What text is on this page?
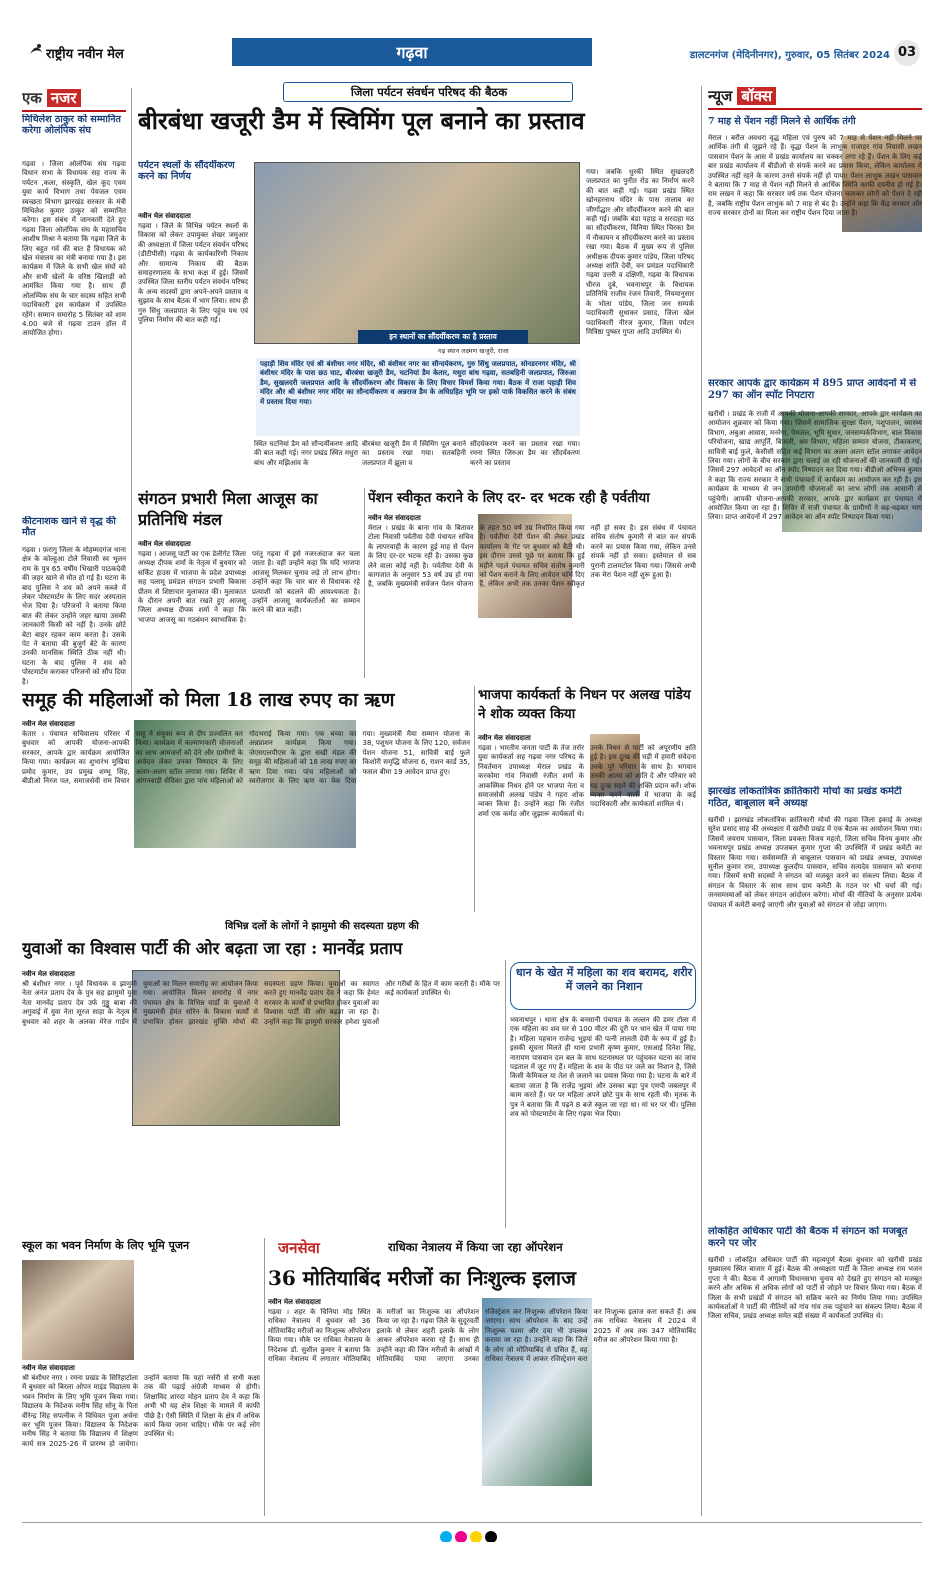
राष्ट्रीय नवीन मेल	गढ़वा	डालटनगंज (मेदिनीनगर), गुरुवार, 05 सितंबर 2024 03
एक नजर
मिथिलेश ठाकुर को सम्मानित करेगा ओलंपिक संघ
गढ़वा । जिला ओलंपिक संघ गढ़वा विधान सभा के विधायक सह राज्य के पर्यटन ,कला, संस्कृति, खेल कूद एवम युवा कार्य विभाग तथा पेयजल एवम स्वच्छता विभाग झारखंड सरकार के मंत्री मिथिलेश कुमार ठाकुर को सम्मानित करेगा। इस संबंध में जानकारी देते हुए गढ़वा जिला ओलंपिक संघ के महासचिव आशीष मिश्रा ने बताया कि गढ़वा जिले के लिए बहुत गर्व की बात है विधायक को खेल मंत्रालय का मंत्री बनाया गया है। इस कार्यक्रम में जिले के सभी खेल संघों को और सभी खेलों के वरिष्ठ खिलाड़ी को आमंत्रित किया गया है। साथ ही ओलम्पिक संघ के चार सदस्य सहित सभी पदाधिकारी इस कार्यक्रम में उपस्थित रहेंगे। सम्मान समारोह 5 सितंबर को शाम 4.00 बजे से गढ़वा टाउन हॉल में आयोजित होगा।
कीटनाशक खाने से वृद्ध की मौत
गढ़वा । फ़रागु जिला के मोहम्मदगंज थाना क्षेत्र के कोल्हुआ टोले निवासी स्व भूलन राम के पुत्र 65 वर्षीय भिखारी पाठकदेवी की जहर खाने से मौत हो गई है। घटना के बाद पुलिस ने शव को अपने कब्जे में लेकर पोस्टमार्टम के लिए सदर अस्पताल भेज दिया है। परिजनों ने बताया किया बात की लेकर उन्होंने जहर खाया उसकी जानकारी किसी को नहीं है। उनके छोटे बेटा बाहर रहकर काम करता है। उसके पेट ने बताया की बुजुर्ग बेटे के कारण उनकी मानसिक स्थिति ठीक नहीं थी। घटना के बाद पुलिस ने शव को पोस्टमार्टम कराकर परिजनों को सौंप दिया है।
जिला पर्यटन संवर्धन परिषद की बैठक
बीरबंधा खजूरी डैम में स्विमिंग पूल बनाने का प्रस्ताव
पर्यटन स्थलों के सौंदर्यीकरण करने का निर्णय
नवीन मेल संवाददाता
गढ़वा । जिले के विभिन्न पर्यटन स्थलों के विकास को लेकर उपायुक्त शेखर जमुआर की अध्यक्षता में जिला पर्यटन संवर्धन परिषद (डीटीपीसी) गढ़वा के कार्यकारिणी निकाय और सामान्य निकाय की बैठक समाहरणालय के सभा कक्ष में हुई। जिसमें उपस्थित जिला स्तरीय पर्यटन संवर्धन परिषद के अन्य सदस्यों द्वारा अपने-अपने प्रस्ताव व सुझाव के साथ बैठक में भाग लिया। साथ ही गुरु सिंधु जलप्रपात के लिए पहुंच पथ एवं पुलिया निर्माण की बात कही गई।
इन स्थानों का सौंदर्यीकरण का है प्रस्ताव
गढ़ स्थान लक्ष्मण खजूरी, राजा
पहाड़ी शिव मंदिर एवं श्री बंशीधर नगर मंदिर, श्री बंशीधर नगर का सौन्दर्यकरण, गुरु सिंधु जलप्रपात, सोनडरनगर मंदिर, श्री बंशीधर मंदिर के पास छठ घाट, बीरबंधा खजूरी डैम, चटनियां डैम केतार, मधुरा बांध गढ़वा, सतबहिनी जलप्रपात, जिरुआ डैम, सुखलदरी जलप्रपात आदि के सौंदर्यीकरण और विकास के लिए विचार विमर्श किया गया। बैठक में राजा पहाड़ी शिव मंदिर और श्री बंशीधर नगर मंदिर का सौन्दर्यीकरण व अन्नराज डैम के अधिग्रहित भूमि पर इको पार्क विकसित करने के संबंध में प्रस्ताव दिया गया।
स्थित चटनियां डैम को सौन्दर्यीकरण आदि की बात कही गई। नगर प्रखंड स्थित मधुरा बांध और मझिआंव के
बीरबंधा खजूरी डैम में स्विमिंग पूल बनाने का प्रस्ताव रखा गया। सतबहिनी जलप्रपात में झूला व
सौंदर्यकरण करने का प्रस्ताव रखा गया। रमना स्थित जिरुआ डैम का सौंदर्यकरण करने का प्रस्ताव
गया। जबकि धुरकी स्थित सुखलदरी जलप्रपात का पुनीत रोड का निर्माण करने की बात कही गई। गढ़वा प्रखंड स्थित खोनहरनाथ मंदिर के पास तालाब का जीर्णोद्धार और सौंदर्यीकरण करने की बात कही गई। जबकि बंडा पहाड़ व सरदाहा मठ का सौंदर्यीकरण, चिनिया स्थित चिरका डैम में नौकायन व सौंदर्यीकरण करने का प्रस्ताव रखा गया। बैठक में मुख्य रूप से पुलिस अधीक्षक दीपक कुमार पांडेय, जिला परिषद अध्यक्ष शांति देवी, वन प्रमंडल पदाधिकारी गढ़वा उत्तरी व दक्षिणी, गढ़वा के विधायक धीरज दुबे, भवनाथपुर के विधायक प्रतिनिधि राजीव रंजन तिवारी, नियमानुसार के भोला पांडेय, जिला जन सम्पर्क पदाधिकारी सुधाकर प्रसाद, जिला खेल पदाधिकारी नीरज कुमार, जिला पर्यटन मित्रिष्ठा पुष्कर गुप्ता आदि उपस्थित थे।
न्यूज बॉक्स
7 माह से पेंशन नहीं मिलने से आर्थिक तंगी
मेराल । बरौल अवधरा वृद्ध महिला एवं पुरुष को 7 माह से पेंशन नहीं मिलने पर आर्थिक तंगी से जूझने रहे हैं। वृद्धा पेंशन के लाभुक राजाहर गांव निवासी लखन पासवान पेंशन के आस में प्रखंड कार्यालय का चक्कर लगा रहे हैं। पेंशन के लिए कई बार प्रखंड कार्यालय में बीडीओ से संपर्क करने का प्रयास किया, लेकिन कार्यालय में उपस्थित नहीं रहने के कारण उनसे संपर्क नहीं हो पाया। पेंशन लाभुक लखन पासवान ने बताया कि 7 माह से पेंशन नहीं मिलने से आर्थिक स्थिति काफी दयनीय हो गई है। राम लखन ने कहा कि सरकार वर्ष तक पेंशन योजना चलाकर लोगों को पेंशन दे रही है, जबकि राष्ट्रीय पेंशन लाभुक को 7 माह से बंद है। उन्होंने कहा कि केंद्र सरकार और राज्य सरकार दोनों का मिला कर राष्ट्रीय पेंशन दिया जाता है।
सरकार आपके द्वार कार्यक्रम में 895 प्राप्त आवेदनों में से 297 का ऑन स्पॉट निपटारा
खरौंधी । प्रखंड के राजी में आपकी योजना-आपकी सरकार, आपके द्वार कार्यक्रम का आयोजन शुक्रवार को किया गया। जिसमें सामाजिक सुरक्षा पेंशन, पशुपालन, स्वास्थ्य विभाग, अबुआ आवास, मनरेगा, पेयजल, भूमि सुधार, जनसम्पर्कविभाग, बाल विकास परियोजना, खाद्य आपूर्ति, बिजली, श्रम विभाग, महिला सम्मान योजना, टीकाकरण, सावित्री बाई फुले, केसीसी सहित कई विभाग का अलग अलग स्टॉल लगाकर आवेदन लिया गया। लोगों के बीच सरकार द्वारा चलाई जा रही योजनाओं की जानकारी दी गई। जिसमें 297 आवेदनों का ऑन स्पॉट निष्पादन कर दिया गया। बीडीओ अभिनव कुमार ने कहा कि राज्य सरकार ने सभी पंचायतों में कार्यक्रम का आयोजन कर रही है। इस कार्यक्रम के माध्यम से जन उपयोगी योजनाओं का लाभ लोगों तक आसानी से पहुंचेगी। आपकी योजना-आपकी सरकार, आपके द्वार कार्यक्रम हर पंचायत में आयोजित किया जा रहा है। शिविर में राजी पंचायत के ग्रामीणों ने बढ़-चढ़कर भाग लिया। प्राप्त आवेदनों में 297 आवेदन का ऑन स्पॉट निष्पादन किया गया।
झारखंड लोकतांत्रिक क्रांतिकारी मोर्चा का प्रखंड कमेटी गठित, बाबूलाल बने अध्यक्ष
खरौंधी । झारखंड लोकतांत्रिक क्रांतिकारी मोर्चा की गढ़वा जिला इकाई के अध्यक्ष सुरेश प्रसाद साह की अध्यक्षता में खरौंधी प्रखंड में एक बैठक का आयोजन किया गया। जिसमें जयराम पासवान, जिला प्रवक्ता विजय महतो, जिला सचिव विनय कुमार और भवनाथपुर प्रखंड अध्यक्ष उपजबल कुमार गुप्ता की उपस्थिति में प्रखंड कमेटी का विस्तार किया गया। सर्वसम्मति से बाबूलाल पासवान को प्रखंड अध्यक्ष, उपाध्यक्ष सुनील कुमार राम, उपाध्यक्ष कुलदीप पासवान, सचिव सत्यदेव पासवान को बनाया गया। जिसमें सभी सदस्यों ने संगठन को मजबूत करने का संकल्प लिया। बैठक में संगठन के विस्तार के साथ साथ ग्राम कमेटी के गठन पर भी चर्चा की गई। जनसमस्याओं को लेकर संगठन आंदोलन करेगा। मोर्चा की नीतियों के अनुसार प्रत्येक पंचायत में कमेटी बनाई जाएगी और युवाओं को संगठन से जोड़ा जाएगा।
लोकहित अधिकार पार्टी की बैठक में संगठन को मजबूत करने पर जोर
खरौंधी । लोकहित अधिकार पार्टी की महत्वपूर्ण बैठक बुधवार को खरौंधी प्रखंड मुख्यालय स्थित बाजार में हुई। बैठक की अध्यक्षता पार्टी के जिला अध्यक्ष राम भजन गुप्ता ने की। बैठक में आगामी विधानसभा चुनाव को देखते हुए संगठन को मजबूत करने और अधिक से अधिक लोगों को पार्टी से जोड़ने पर विचार किया गया। बैठक में जिला के सभी प्रखंडों में संगठन को सक्रिय करने का निर्णय लिया गया। उपस्थित कार्यकर्ताओं ने पार्टी की नीतियों को गांव गांव तक पहुंचाने का संकल्प लिया। बैठक में जिला सचिव, प्रखंड अध्यक्ष समेत बड़ी संख्या में कार्यकर्ता उपस्थित थे।
संगठन प्रभारी मिला आजूस का प्रतिनिधि मंडल
नवीन मेल संवाददाता
गढ़वा । आजसू पार्टी का एक डेलीगेट जिला अध्यक्ष दीपक शर्मा के नेतृत्व में बुधवार को सर्किट हाउस में भाजपा के प्रदेश उपाध्यक्ष सह पलामू प्रमंडल संगठन प्रभारी बिकास प्रीतम से शिष्टाचार मुलाकात की। मुलाकात के दौरान अपनी बात रखते हुए आजसू जिला अध्यक्ष दीपक शर्मा ने कहा कि भाजपा आजसू का गठबंधन स्वाभाविक है। परंतु गढ़वा में इसे नजरअंदाज कर चला जाता है। वहीं उन्होंने कहा कि यदि भाजपा आजसू मिलकर चुनाव लड़े तो लाभ होगा। उन्होंने कहा कि चार बार से विधायक रहे प्रत्याशी को बदलने की आवश्यकता है। उन्होंने आजसू कार्यकर्ताओं का सम्मान करने की बात कही।
पेंशन स्वीकृत कराने के लिए दर- दर भटक रही है पर्वतीया
नवीन मेल संवाददाता
मेराल । प्रखंड के बाना गांव के बितावर टोला निवासी पर्वतीया देवी पंचायत सचिव के लापरवाही के कारण हुई माह से पेंशन के लिए दर-दर भटक रही है। उसका कुछ लेने वाला कोई नहीं है। पर्वतीया देवी के कागजात के अनुसार 53 वर्ष उम्र हो गया है, जबकि मुख्यमंत्री सर्वजन पेंशन योजना के तहत 50 वर्ष उम्र निर्धारित किया गया है। पर्वतीया देवी पेंशन की लेकर प्रखंड कार्यालय के गेट पर बुधवार को बैठी थी। इस दौरान उससे पूछे पर बताया कि हुई महीने पहले पंचायत सचिव संतोष कुमारी को पेंशन कराने के लिए आवेदन फॉर्म दिए हैं, लेकिन अभी तक उनका पेंशन स्वीकृत नहीं हो सका है। इस संबंध में पंचायत सचिव संतोष कुमारी से बात कर संपर्क करने का प्रयास किया गया, लेकिन उनसे संपर्क नहीं हो सका। इस्तेमाल से सब पुरानी टालमटोल किया गया। जिससे अभी तक मेरा पेंशन नहीं शुरू हुआ है।
समूह की महिलाओं को मिला 18 लाख रुपए का ऋण
नवीन मेल संवाददाता
केतार । पंचायत सचिवालय परिसर में बुधवार को आपकी योजना-आपकी सरकार, आपके द्वार कार्यक्रम आयोजित किया गया। कार्यक्रम का शुभारंभ मुखिया प्रमोद कुमार, उप प्रमुख शम्भू सिंह, बीडीओ निरज पल, समाजसेवी राम विचार साहू ने संयुक्त रूप से दीप प्रज्वलित कर किया। कार्यक्रम में कल्याणकारी योजनाओं का लाभ आमजनों को देने और ग्रामीणों के आवेदन लेकर उनका निष्पादन के लिए अलग-अलग स्टॉल लगाया गया। शिविर में आंगनबाड़ी सेविका द्वारा पांच महिलाओं को गोदभराई किया गया। एक बच्चा का अन्नप्राशन कार्यक्रम किया गया। जेएसएलपीएस के द्वारा सखी मंडल की समूह की महिलाओं को 18 लाख रुपए का ऋण दिया गया। पांच महिलाओं को स्वरोजगार के लिए ऋण का चेक दिया गया। मुख्यमंत्री मैया सम्मान योजना के 38, पशुधन योजना के लिए 120, सर्वजन पेंशन योजना 51, सावित्री बाई फुले किशोरी समृद्धि योजना 6, राशन कार्ड 35, फसल बीमा 19 आवेदन प्राप्त हुए।
भाजपा कार्यकर्ता के निधन पर अलख पांडेय ने शोक व्यक्त किया
नवीन मेल संवाददाता
गढ़वा । भारतीय जनता पार्टी के तेज तर्रार युवा कार्यकर्ता सह गढ़वा नगर परिषद के निवर्तमान उपाध्यक्ष मेराल प्रखंड के करकोमा गांव निवासी रंजीत शर्मा के आकस्मिक निधन होने पर भाजपा नेता व समाजसेवी अलख पांडेय ने गहरा शोक व्यक्त किया है। उन्होंने कहा कि रंजीत शर्मा एक कर्मठ और जुझारू कार्यकर्ता थे। उनके निधन से पार्टी को अपूरणीय क्षति हुई है। इस दुःख की घड़ी में हमारी संवेदना उनके पूरे परिवार के साथ है। भगवान उनकी आत्मा को शांति दे और परिवार को यह दुःख सहने की शक्ति प्रदान करें। शोक व्यक्त करने वालों में भाजपा के कई पदाधिकारी और कार्यकर्ता शामिल थे।
विभिन्न दलों के लोगों ने झामुमो की सदस्यता ग्रहण की
युवाओं का विश्वास पार्टी की ओर बढ़ता जा रहा : मानवेंद्र प्रताप
नवीन मेल संवाददाता
श्री बंशीधर नगर । पूर्व विधायक व झामुमो नेता अनंत प्रताप देव के पुत्र सह झामुमो युवा नेता मानवेंद्र प्रताप देव उर्फ गुड्डू बाबा की अगुवाई में युवा नेता सूरज साहा के नेतृत्व में बुधवार को शहर के अलका मेरेज गार्डन में युवाओं का मिलन समारोह का आयोजन किया गया। आयोजित मिलन समारोह में नगर पंचायत क्षेत्र के विभिन्न वार्डों के युवाओं ने मुख्यमंत्री हेमंत सोरेन के विकास कार्यों से प्रभावित होकर झारखंड मुक्ति मोर्चा की सदस्यता ग्रहण किया। युवाओं का स्वागत करते हुए मानवेंद्र प्रताप देव ने कहा कि हेमंत सरकार के कार्यों से प्रभावित होकर युवाओं का विश्वास पार्टी की ओर बढ़ता जा रहा है। उन्होंने कहा कि झामुमो सरकार हमेशा युवाओं और गरीबों के हित में काम करती है। मौके पर कई कार्यकर्ता उपस्थित थे।
धान के खेत में महिला का शव बरामद, शरीर में जलने का निशान
भवनाथपुर । थाना क्षेत्र के बनसानी पंचायत के लल्लन की डमर टोला में एक महिला का शव घर से 100 मीटर की दूरी पर धान खेत में पाया गया है। महिला पहचान राजेन्द्र भुइयां की पत्नी लालती देवी के रूप में हुई है। इसकी सूचना मिलते ही थाना प्रभारी कृष्ण कुमार, एसआई दिनेश सिंह, नारायण पासवान दल बल के साथ घटनास्थल पर पहुंचकर घटना का जांच पड़ताल में जुट गए हैं। महिला के शव के पीठ पर जले का निशान है, जिसे किसी केमिकल या तेल से जलाने का प्रयास किया गया है। घटना के बारे में बताया जाता है कि राजेंद्र भुइयां और उसका बड़ा पुत्र एमपी जबलपुर में काम करते हैं। घर पर महिला अपने छोटे पुत्र के साथ रहती थी। मृतक के पुत्र ने बताया कि मैं पढ़ने 8 बजे स्कूल जा रहा था। मां घर पर थी। पुलिस शव को पोस्टमार्टम के लिए गढ़वा भेज दिया।
स्कूल का भवन निर्माण के लिए भूमि पूजन
नवीन मेल संवाददाता
श्री बंशीधर नगर । रमना प्रखंड के सिरिंहाटोला में बुधवार को बिरला ओपन माइंड विद्यालय के भवन निर्माण के लिए भूमि पूजन किया गया। विद्यालय के निदेशक मनीष सिंह सोनू के पिता वीरेन्द्र सिंह सपत्नीक ने विधिवत पूजा अर्चना कर भूमि पूजन किया। विद्यालय के निदेशक मनीष सिंह ने बताया कि विद्यालय में शिक्षण कार्य सत्र 2025-26 में प्रारम्भ हो जायेगा। उन्होंने बताया कि यहां नर्सरी से सभी कक्षा तक की पढ़ाई अंग्रेजी माध्यम से होगी। शिक्षाविद शारदा मोहन प्रताप देव ने कहा कि अभी भी यह क्षेत्र शिक्षा के मामले में काफी पीछे है। ऐसी स्थिति में शिक्षा के क्षेत्र में अधिक कार्य किया जाना चाहिए। मौके पर कई लोग उपस्थित थे।
जनसेवा	राधिका नेत्रालय में किया जा रहा ऑपरेशन
36 मोतियाबिंद मरीजों का निःशुल्क इलाज
नवीन मेल संवाददाता
गढ़वा । शहर के चिनिया मोड़ स्थित राधिका नेत्रालय में बुधवार को 36 मोतियाबिंद मरीजों का निःशुल्क ऑपरेशन किया गया। मौके पर राधिका नेत्रालय के निदेशक डॉ. सुशील कुमार ने बताया कि राधिका नेत्रालय में लगातार मोतियाबिंद के मरीजों का निःशुल्क का ऑपरेशन किया जा रहा है। गढ़वा जिले के सुदूरवर्ती इलाके से लेकर शहरी इलाके के लोग आकर ऑपरेशन करवा रहे हैं। साथ ही उन्होंने कहा की जिन मरीजों के आंखों में मोतियाबिंद पाया जाएगा उनका रजिस्ट्रेशन कर निःशुल्क ऑपरेशन किया जाएगा। साथ ऑपरेशन के बाद उन्हें निःशुल्क चश्मा और दवा भी उपलब्ध कराया जा रहा है। उन्होंने कहा कि जिले के लोग जो मोतियाबिंद से ग्रसित हैं, वह राधिका नेत्रालय में आकर रजिस्ट्रेशन करा कर निःशुल्क इलाज करा सकते हैं। अब तक राधिका नेत्रालय में 2024 में 2025 में अब तक 347 मोतियाबिंद मरीज का ऑपरेशन किया गया है।
